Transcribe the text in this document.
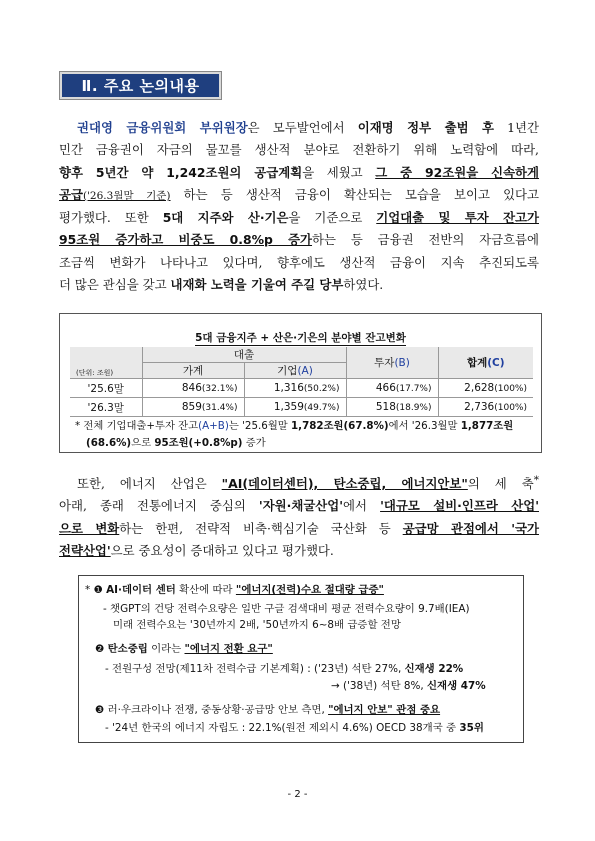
Ⅱ. 주요 논의내용
권대영 금융위원회 부위원장은 모두발언에서 이재명 정부 출범 후 1년간
민간 금융권이 자금의 물꼬를 생산적 분야로 전환하기 위해 노력함에 따라,
향후 5년간 약 1,242조원의 공급계획을 세웠고 그 중 92조원을 신속하게
공급('26.3월말 기준) 하는 등 생산적 금융이 확산되는 모습을 보이고 있다고
평가했다. 또한 5대 지주와 산·기은을 기준으로 기업대출 및 투자 잔고가
95조원 증가하고 비중도 0.8%p 증가하는 등 금융권 전반의 자금흐름에
조금씩 변화가 나타나고 있다며, 향후에도 생산적 금융이 지속 추진되도록
더 많은 관심을 갖고 내재화 노력을 기울여 주길 당부하였다.
5대 금융지주 + 산은·기은의 분야별 잔고변화
(단위: 조원)	대출		투자(B)	합계(C)
	가계	기업(A)		
'25.6말	846(32.1%)	1,316(50.2%)	466(17.7%)	2,628(100%)
'26.3말	859(31.4%)	1,359(49.7%)	518(18.9%)	2,736(100%)
* 전체 기업대출+투자 잔고(A+B)는 '25.6월말 1,782조원(67.8%)에서 '26.3월말 1,877조원
(68.6%)으로 95조원(+0.8%p) 증가
또한, 에너지 산업은 "AI(데이터센터), 탄소중립, 에너지안보"의 세 축*
아래, 종래 전통에너지 중심의 '자원·채굴산업'에서 '대규모 설비·인프라 산업'
으로 변화하는 한편, 전략적 비축·핵심기술 국산화 등 공급망 관점에서 '국가
전략산업'으로 중요성이 증대하고 있다고 평가했다.
* ❶ AI·데이터 센터 확산에 따라 "에너지(전력)수요 절대량 급증"
- 챗GPT의 건당 전력수요량은 일반 구글 검색대비 평균 전력수요량이 9.7배(IEA)
미래 전력수요는 '30년까지 2배, '50년까지 6~8배 급증할 전망
❷ 탄소중립 이라는 "에너지 전환 요구"
- 전원구성 전망(제11차 전력수급 기본계획) : ('23년) 석탄 27%, 신재생 22%
→ ('38년) 석탄 8%, 신재생 47%
❸ 러·우크라이나 전쟁, 중동상황·공급망 안보 측면, "에너지 안보" 관점 중요
- '24년 한국의 에너지 자립도 : 22.1%(원전 제외시 4.6%) OECD 38개국 중 35위
- 2 -
